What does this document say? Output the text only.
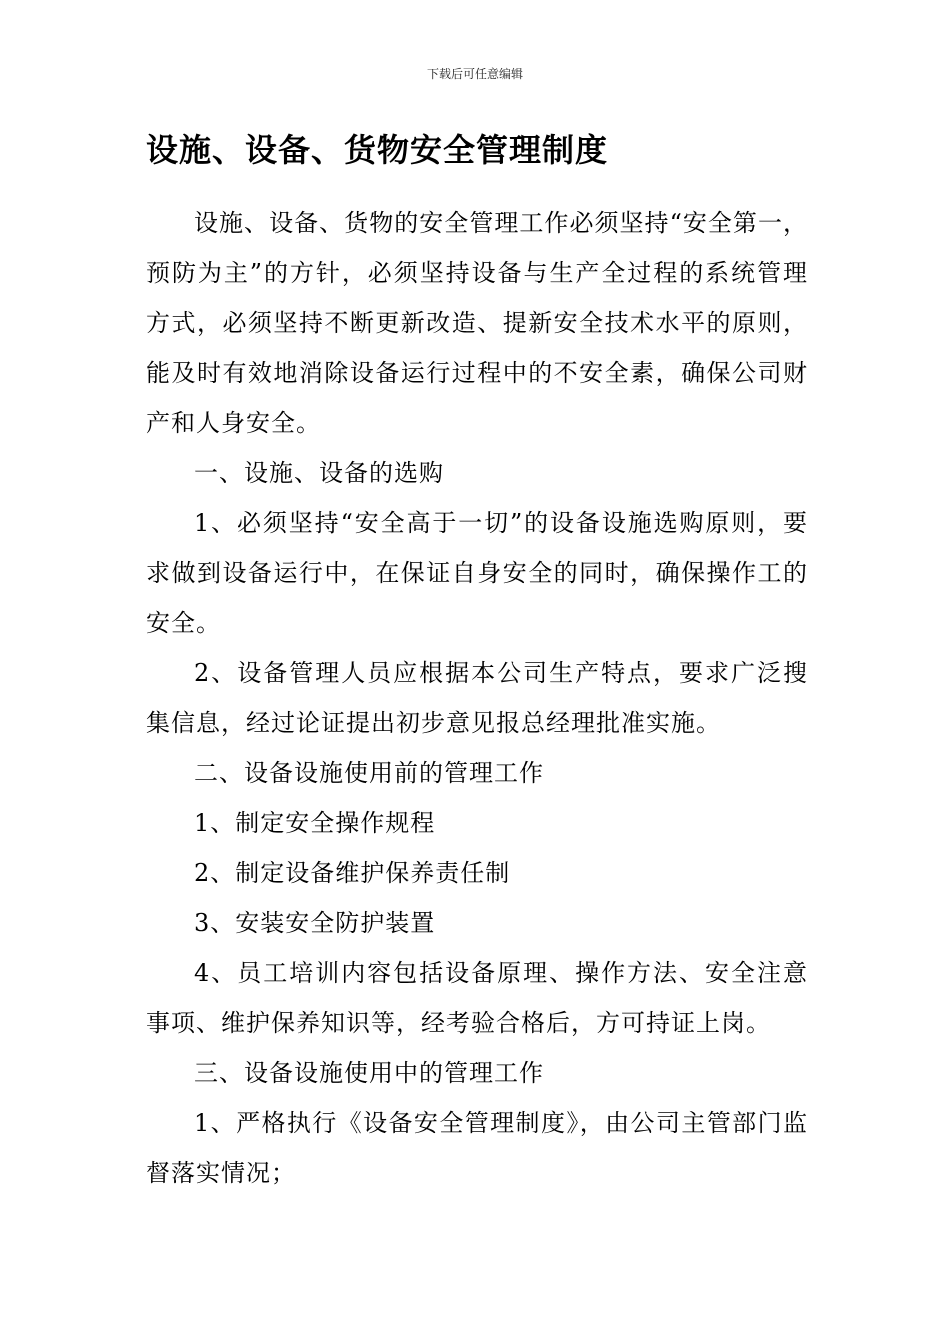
下载后可任意编辑
设施、设备、货物安全管理制度

设施、设备、货物的安全管理工作必须坚持“安全第一，预防为主”的方针，必须坚持设备与生产全过程的系统管理方式，必须坚持不断更新改造、提新安全技术水平的原则，能及时有效地消除设备运行过程中的不安全素，确保公司财产和人身安全。

一、设施、设备的选购

1、必须坚持“安全高于一切”的设备设施选购原则，要求做到设备运行中，在保证自身安全的同时，确保操作工的安全。

2、设备管理人员应根据本公司生产特点，要求广泛搜集信息，经过论证提出初步意见报总经理批准实施。

二、设备设施使用前的管理工作

1、制定安全操作规程

2、制定设备维护保养责任制

3、安装安全防护装置

4、员工培训内容包括设备原理、操作方法、安全注意事项、维护保养知识等，经考验合格后，方可持证上岗。

三、设备设施使用中的管理工作

1、严格执行《设备安全管理制度》，由公司主管部门监督落实情况；
